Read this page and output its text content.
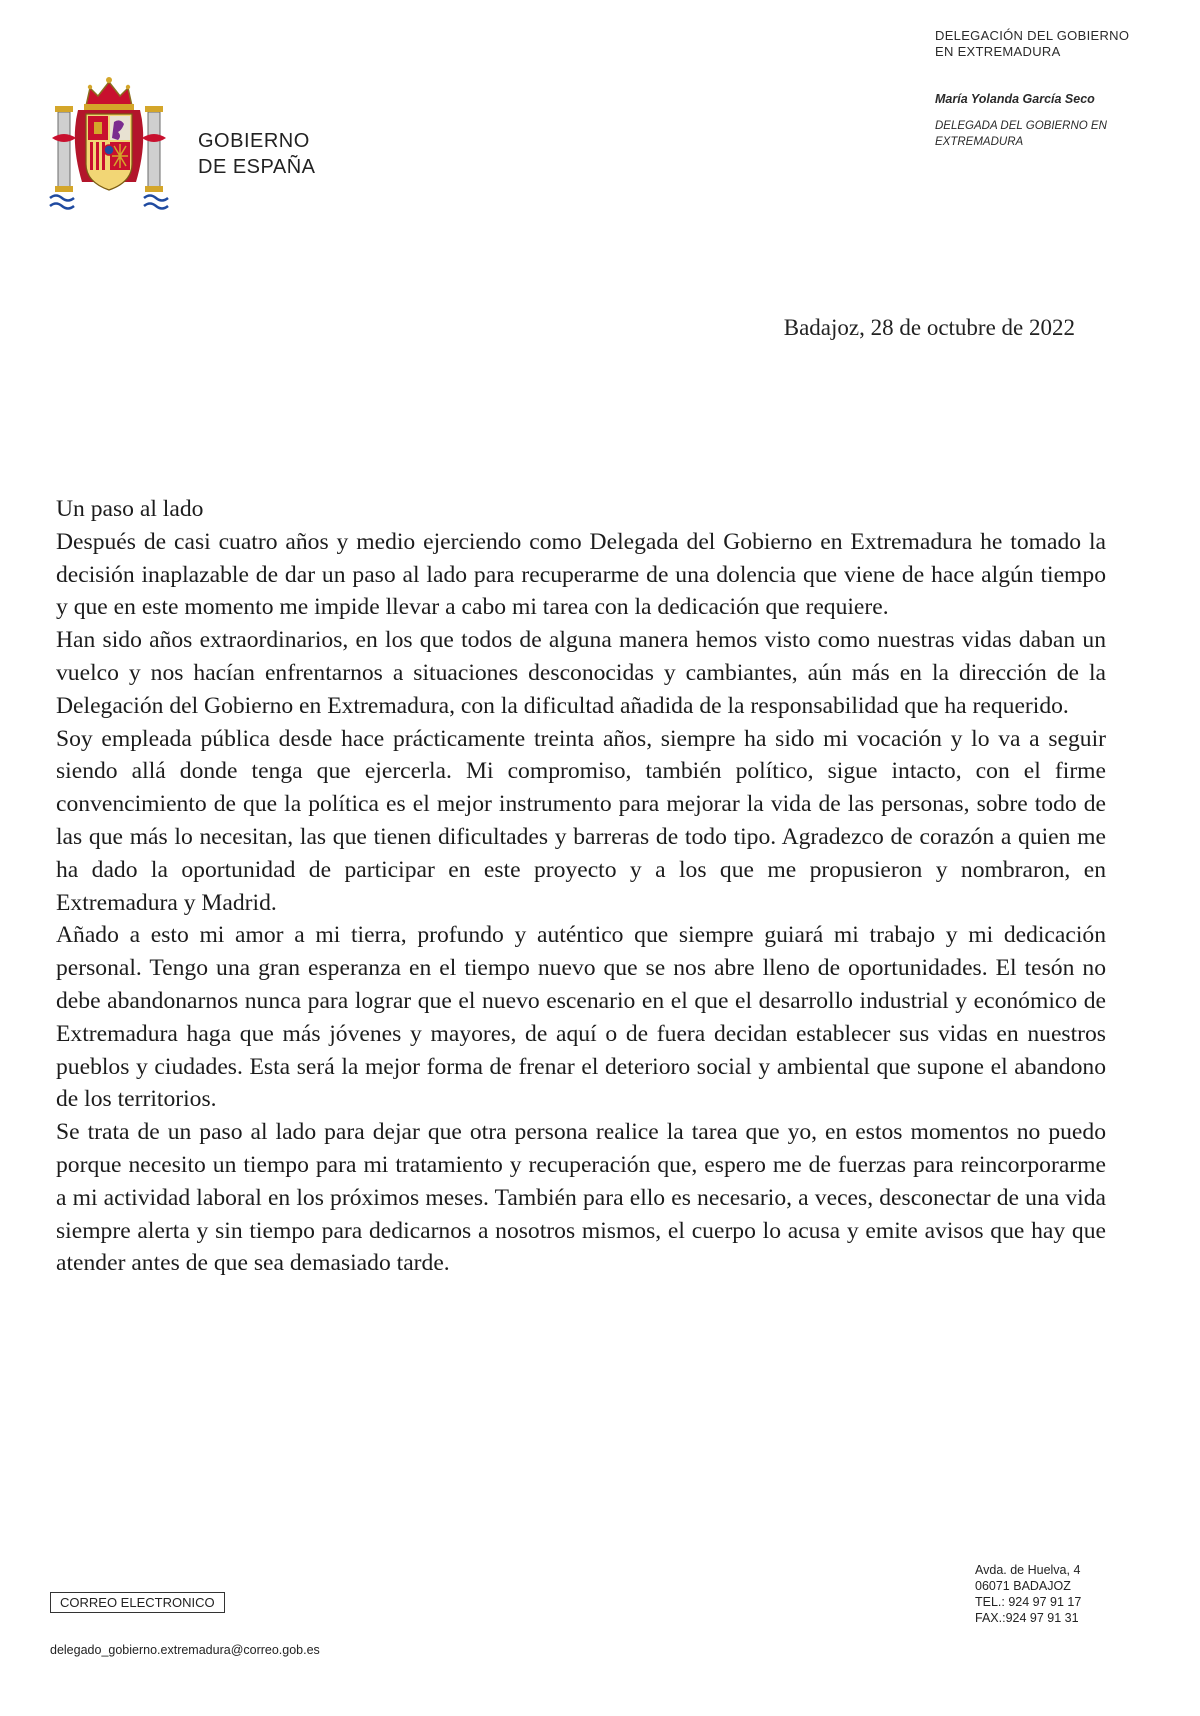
GOBIERNO
DE ESPAÑA
DELEGACIÓN DEL GOBIERNO
EN EXTREMADURA
María Yolanda García Seco
DELEGADA DEL GOBIERNO EN
EXTREMADURA
Badajoz, 28 de octubre de 2022

Un paso al lado

Después de casi cuatro años y medio ejerciendo como Delegada del Gobierno en Extremadura he tomado la decisión inaplazable de dar un paso al lado para recuperarme de una dolencia que viene de hace algún tiempo y que en este momento me impide llevar a cabo mi tarea con la dedicación que requiere.

Han sido años extraordinarios, en los que todos de alguna manera hemos visto como nuestras vidas daban un vuelco y nos hacían enfrentarnos a situaciones desconocidas y cambiantes, aún más en la dirección de la Delegación del Gobierno en Extremadura, con la dificultad añadida de la responsabilidad que ha requerido.

Soy empleada pública desde hace prácticamente treinta años, siempre ha sido mi vocación y lo va a seguir siendo allá donde tenga que ejercerla. Mi compromiso, también político, sigue intacto, con el firme convencimiento de que la política es el mejor instrumento para mejorar la vida de las personas, sobre todo de las que más lo necesitan, las que tienen dificultades y barreras de todo tipo. Agradezco de corazón a quien me ha dado la oportunidad de participar en este proyecto y a los que me propusieron y nombraron, en Extremadura y Madrid.

Añado a esto mi amor a mi tierra, profundo y auténtico que siempre guiará mi trabajo y mi dedicación personal. Tengo una gran esperanza en el tiempo nuevo que se nos abre lleno de oportunidades. El tesón no debe abandonarnos nunca para lograr que el nuevo escenario en el que el desarrollo industrial y económico de Extremadura haga que más jóvenes y mayores, de aquí o de fuera decidan establecer sus vidas en nuestros pueblos y ciudades. Esta será la mejor forma de frenar el deterioro social y ambiental que supone el abandono de los territorios.

Se trata de un paso al lado para dejar que otra persona realice la tarea que yo, en estos momentos no puedo porque necesito un tiempo para mi tratamiento y recuperación que, espero me de fuerzas para reincorporarme a mi actividad laboral en los próximos meses. También para ello es necesario, a veces, desconectar de una vida siempre alerta y sin tiempo para dedicarnos a nosotros mismos, el cuerpo lo acusa y emite avisos que hay que atender antes de que sea demasiado tarde.

CORREO ELECTRONICO
delegado_gobierno.extremadura@correo.gob.es
Avda. de Huelva, 4
06071 BADAJOZ
TEL.: 924 97 91 17
FAX.:924 97 91 31
